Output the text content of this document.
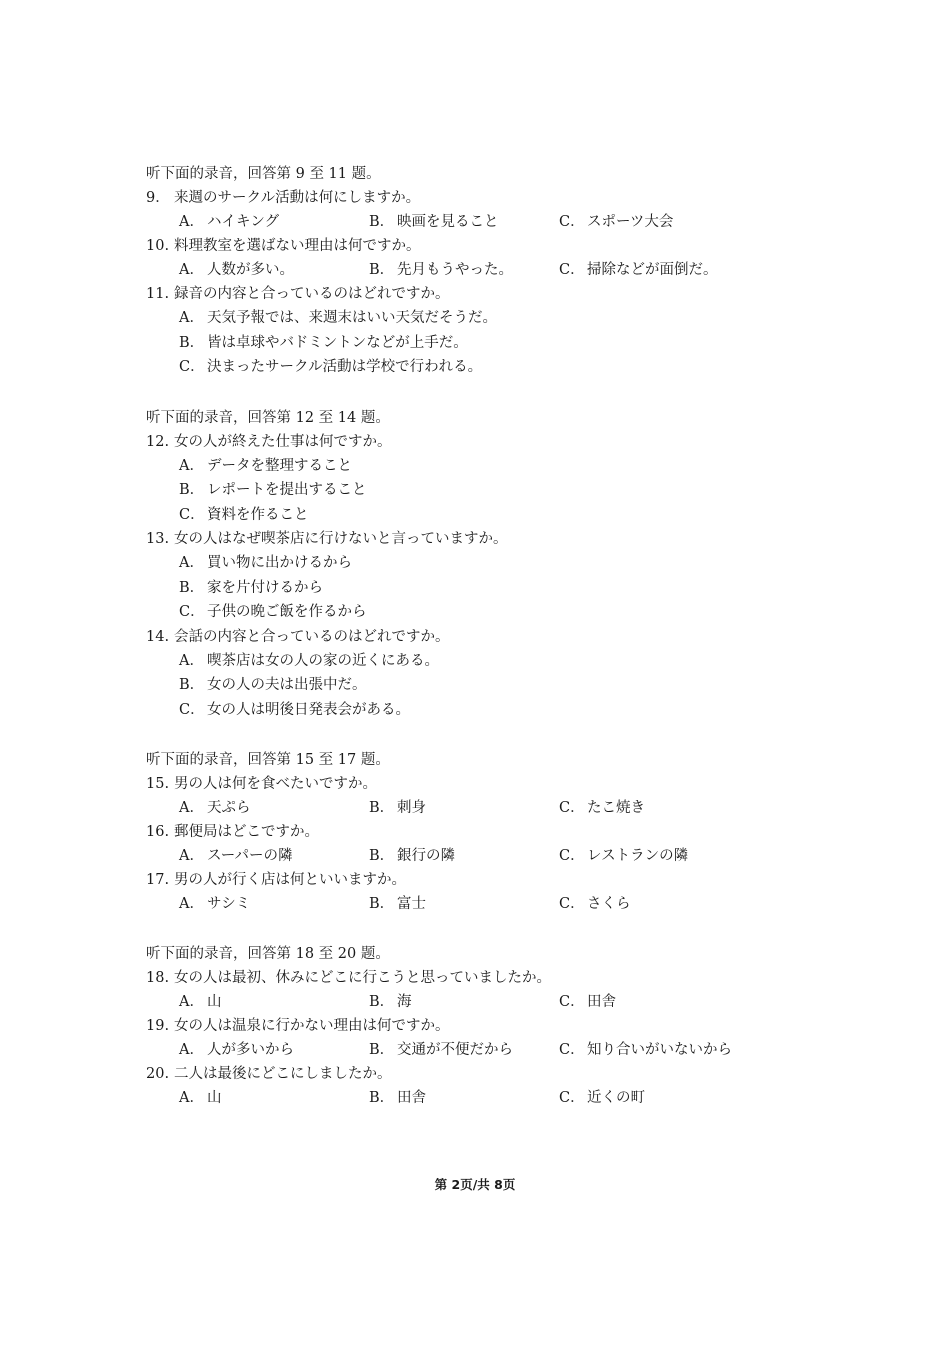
听下面的录音，回答第 9 至 11 题。
9． 来週のサークル活動は何にしますか。
A． ハイキング	B． 映画を見ること	C． スポーツ大会
10. 料理教室を選ばない理由は何ですか。
A． 人数が多い。	B． 先月もうやった。	C． 掃除などが面倒だ。
11. 録音の内容と合っているのはどれですか。
A． 天気予報では、来週末はいい天気だそうだ。
B． 皆は卓球やバドミントンなどが上手だ。
C． 決まったサークル活動は学校で行われる。
听下面的录音，回答第 12 至 14 题。
12. 女の人が終えた仕事は何ですか。
A． データを整理すること
B． レポートを提出すること
C． 資料を作ること
13. 女の人はなぜ喫茶店に行けないと言っていますか。
A． 買い物に出かけるから
B． 家を片付けるから
C． 子供の晩ご飯を作るから
14. 会話の内容と合っているのはどれですか。
A． 喫茶店は女の人の家の近くにある。
B． 女の人の夫は出張中だ。
C． 女の人は明後日発表会がある。
听下面的录音，回答第 15 至 17 题。
15. 男の人は何を食べたいですか。
A． 天ぷら	B． 刺身	C． たこ焼き
16. 郵便局はどこですか。
A． スーパーの隣	B． 銀行の隣	C． レストランの隣
17. 男の人が行く店は何といいますか。
A． サシミ	B． 富士	C． さくら
听下面的录音，回答第 18 至 20 题。
18. 女の人は最初、休みにどこに行こうと思っていましたか。
A． 山	B． 海	C． 田舎
19. 女の人は温泉に行かない理由は何ですか。
A． 人が多いから	B． 交通が不便だから	C． 知り合いがいないから
20. 二人は最後にどこにしましたか。
A． 山	B． 田舎	C． 近くの町
第 2页/共 8页
